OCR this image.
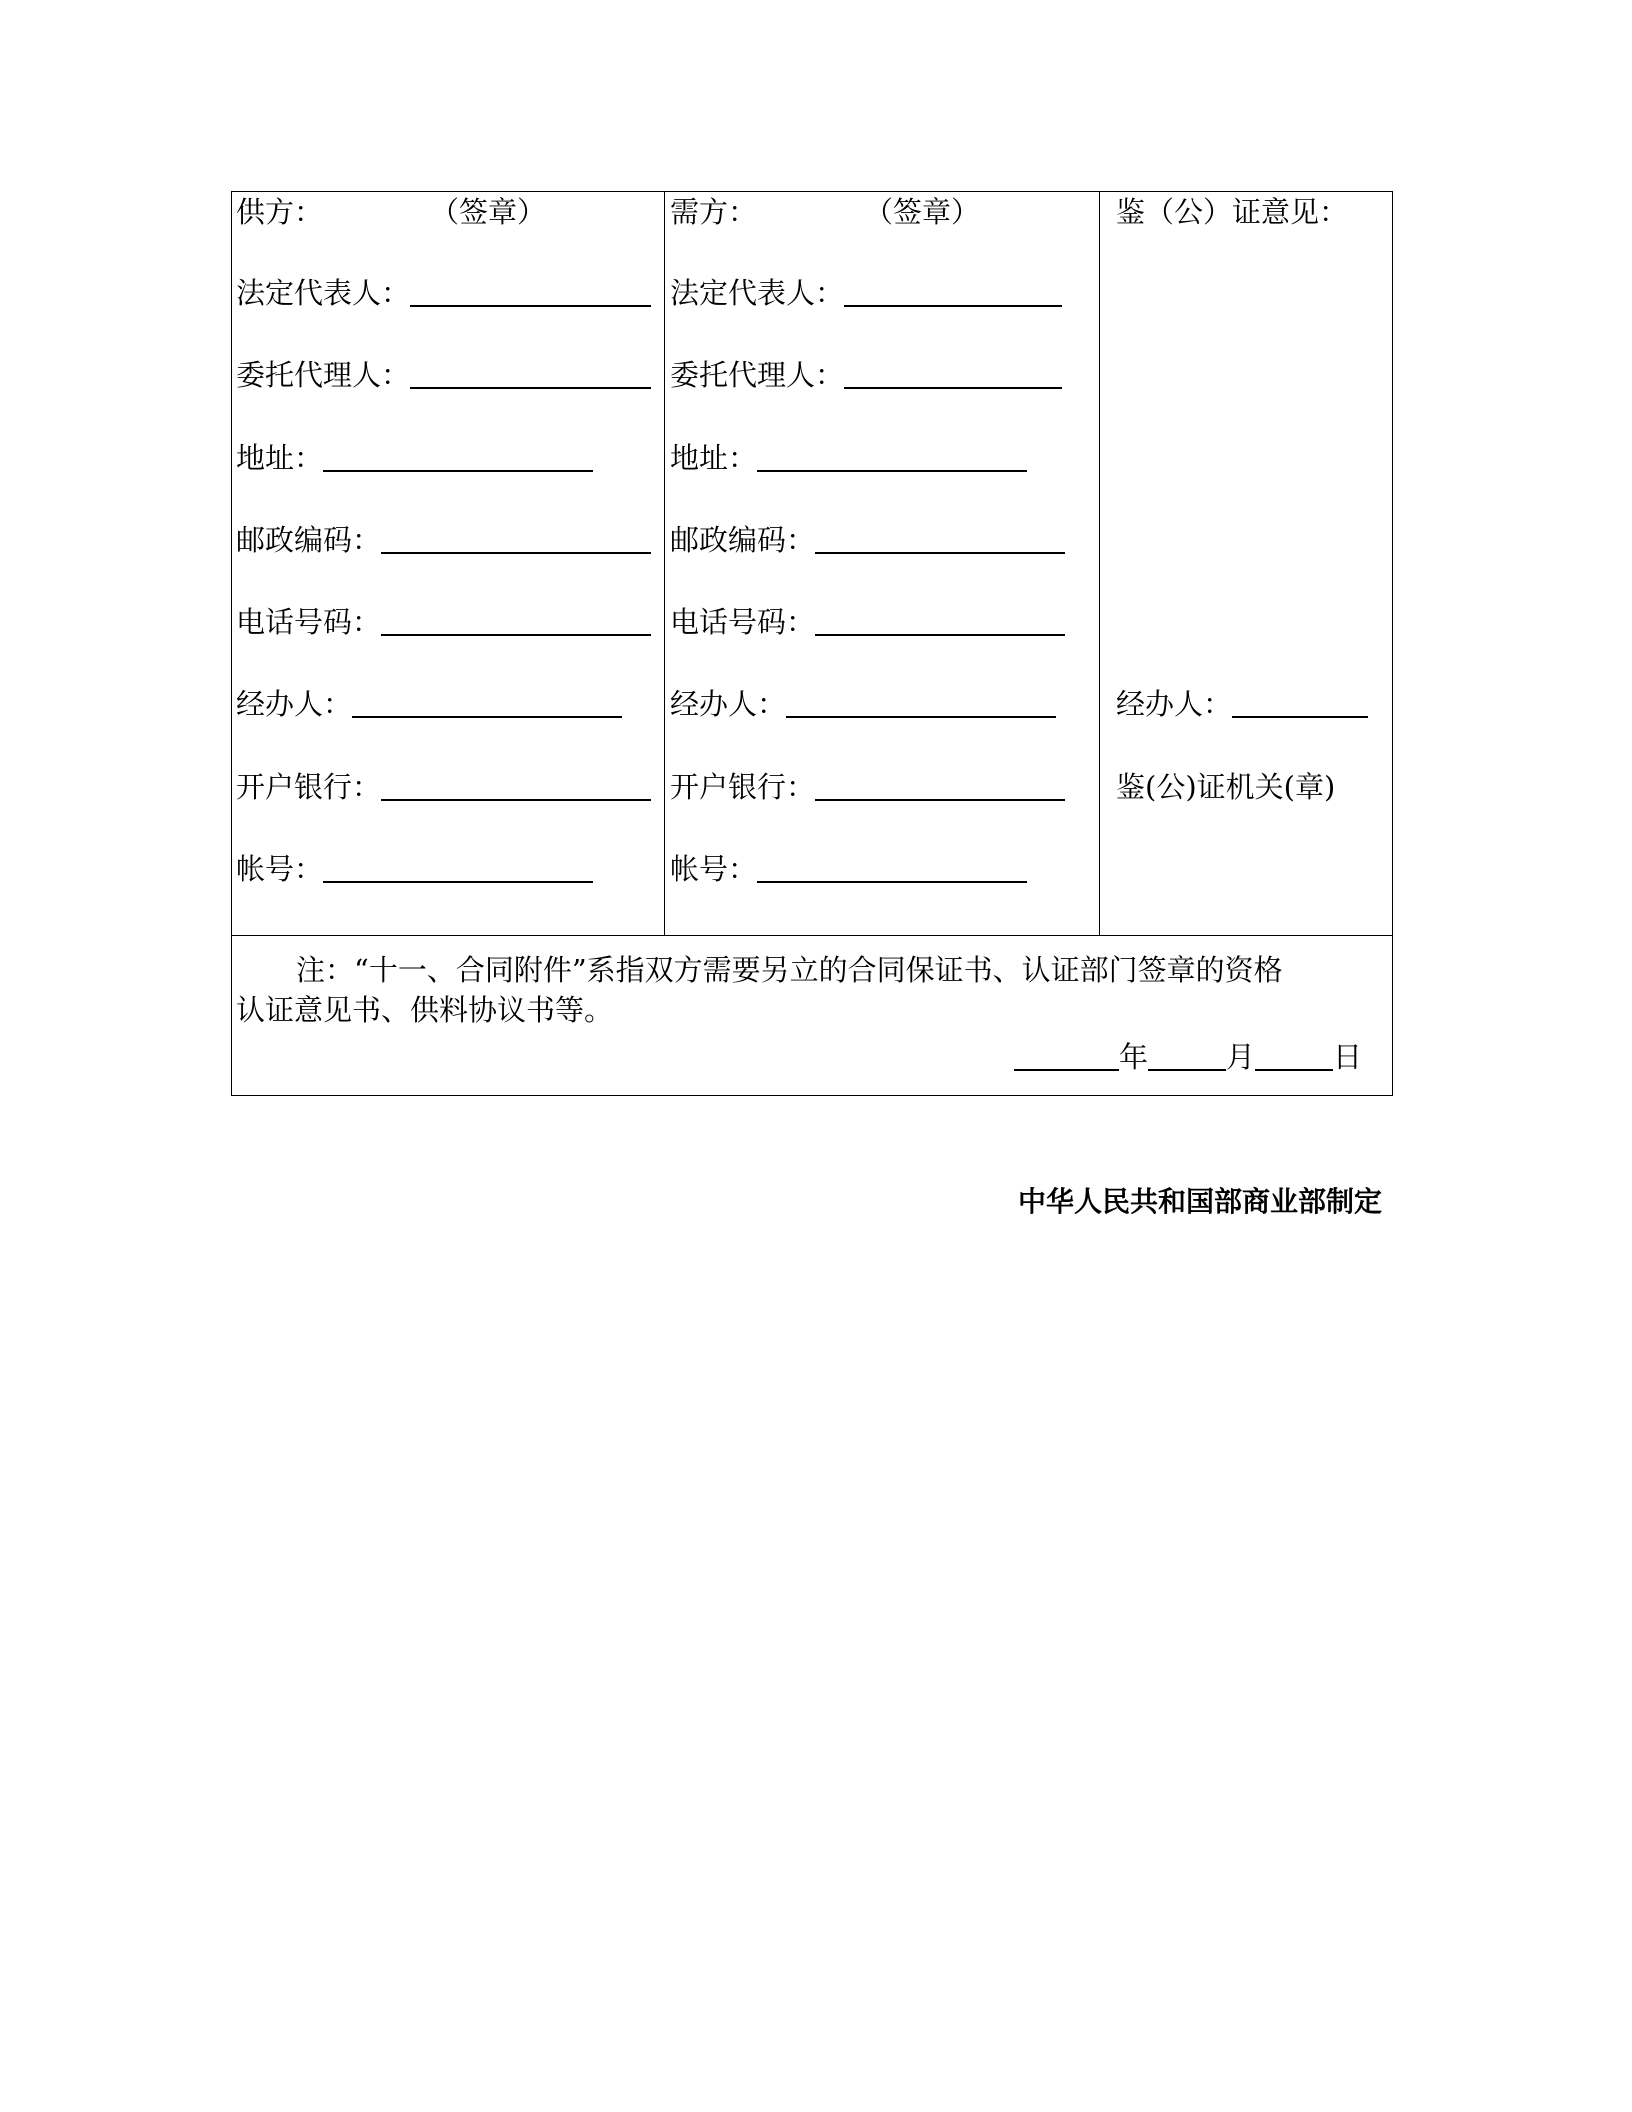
供方：	（签章）
法定代表人：
委托代理人：
地址：
邮政编码：
电话号码：
经办人：
开户银行：
帐号：
需方：	（签章）
法定代表人：
委托代理人：
地址：
邮政编码：
电话号码：
经办人：
开户银行：
帐号：
鉴（公）证意见：
经办人：
鉴(公)证机关(章)

注：“十一、合同附件”系指双方需要另立的合同保证书、认证部门签章的资格

认证意见书、供料协议书等。

年	月	日
中华人民共和国部商业部制定
